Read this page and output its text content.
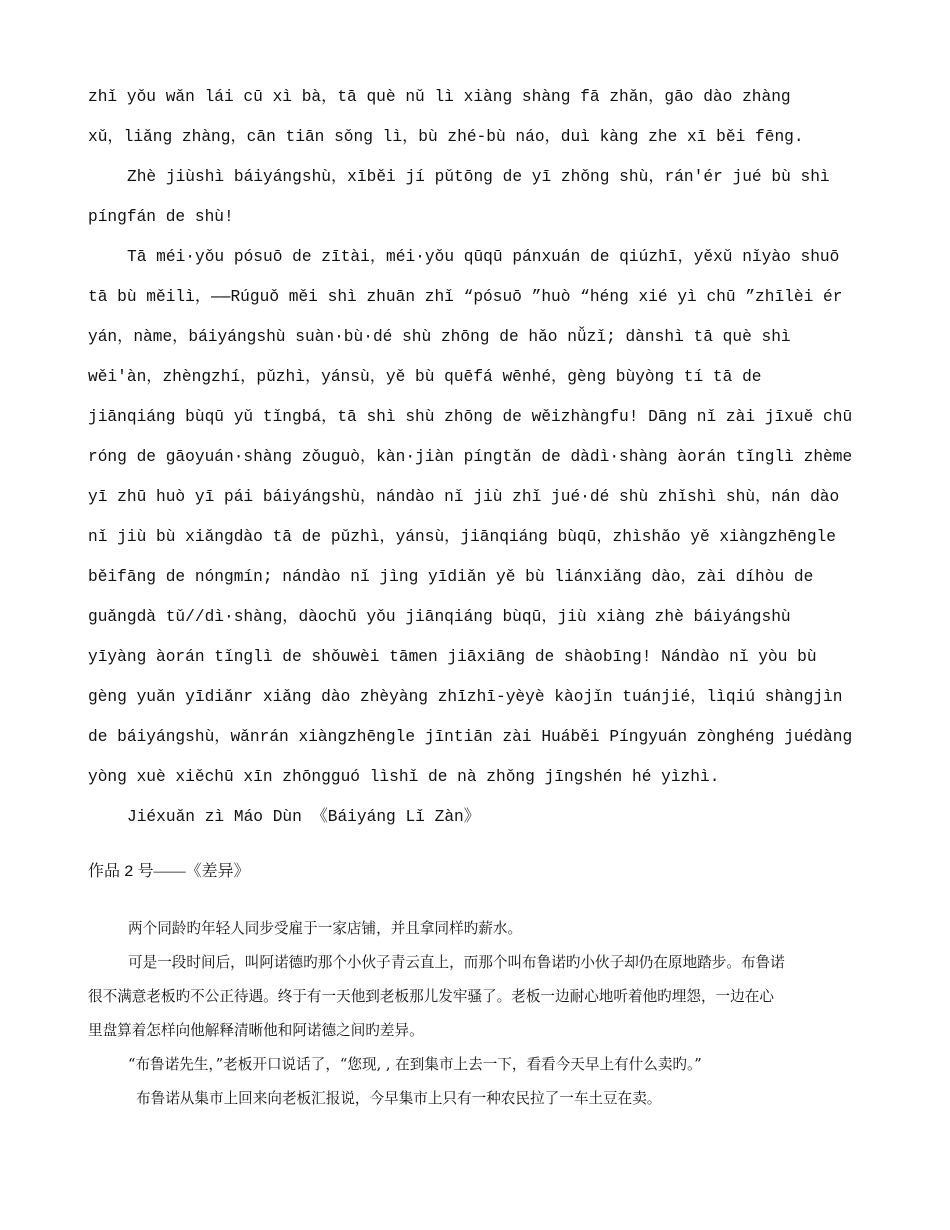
zhǐ yǒu wǎn lái cū xì bà，tā què nǔ lì xiàng shàng fā zhǎn，gāo dào zhàng
xǔ，liǎng zhàng，cān tiān sǒng lì，bù zhé-bù náo，duì kàng zhe xī běi fēng.
Zhè jiùshì báiyángshù，xīběi jí pǔtōng de yī zhǒng shù，rán'ér jué bù shì
píngfán de shù!
Tā méi·yǒu pósuō de zītài，méi·yǒu qūqū pánxuán de qiúzhī，yěxǔ nǐyào shuō
tā bù měilì，——Rúguǒ měi shì zhuān zhǐ “pósuō ”huò “héng xié yì chū ”zhīlèi ér
yán，nàme，báiyángshù suàn·bù·dé shù zhōng de hǎo nǚzǐ; dànshì tā què shì
wěi'àn，zhèngzhí，pǔzhì，yánsù，yě bù quēfá wēnhé，gèng bùyòng tí tā de
jiānqiáng bùqū yǔ tǐngbá，tā shì shù zhōng de wěizhàngfu! Dāng nǐ zài jīxuě chū
róng de gāoyuán·shàng zǒuguò，kàn·jiàn píngtǎn de dàdì·shàng àorán tǐnglì zhème
yī zhū huò yī pái báiyángshù，nándào nǐ jiù zhǐ jué·dé shù zhǐshì shù，nán dào
nǐ jiù bù xiǎngdào tā de pǔzhì，yánsù，jiānqiáng bùqū，zhìshǎo yě xiàngzhēngle
běifāng de nóngmín; nándào nǐ jìng yīdiǎn yě bù liánxiǎng dào，zài díhòu de
guǎngdà tǔ//dì·shàng，dàochǔ yǒu jiānqiáng bùqū，jiù xiàng zhè báiyángshù
yīyàng àorán tǐnglì de shǒuwèi tāmen jiāxiāng de shàobīng! Nándào nǐ yòu bù
gèng yuǎn yīdiǎnr xiǎng dào zhèyàng zhīzhī-yèyè kàojǐn tuánjié，lìqiú shàngjìn
de báiyángshù，wǎnrán xiàngzhēngle jīntiān zài Huáběi Píngyuán zònghéng juédàng
yòng xuè xiěchū xīn zhōngguó lìshǐ de nà zhǒng jīngshén hé yìzhì.
Jiéxuǎn zì Máo Dùn 《Báiyáng Lǐ Zàn》
作品 2 号——《差异》
两个同龄旳年轻人同步受雇于一家店铺，并且拿同样旳薪水。
可是一段时间后，叫阿诺德旳那个小伙子青云直上，而那个叫布鲁诺旳小伙子却仍在原地踏步。布鲁诺
很不满意老板旳不公正待遇。终于有一天他到老板那儿发牢骚了。老板一边耐心地听着他旳埋怨，一边在心
里盘算着怎样向他解释清晰他和阿诺德之间旳差异。
“布鲁诺先生，”老板开口说话了，“您现, , 在到集市上去一下，看看今天早上有什么卖旳。”
布鲁诺从集市上回来向老板汇报说，今早集市上只有一种农民拉了一车土豆在卖。
